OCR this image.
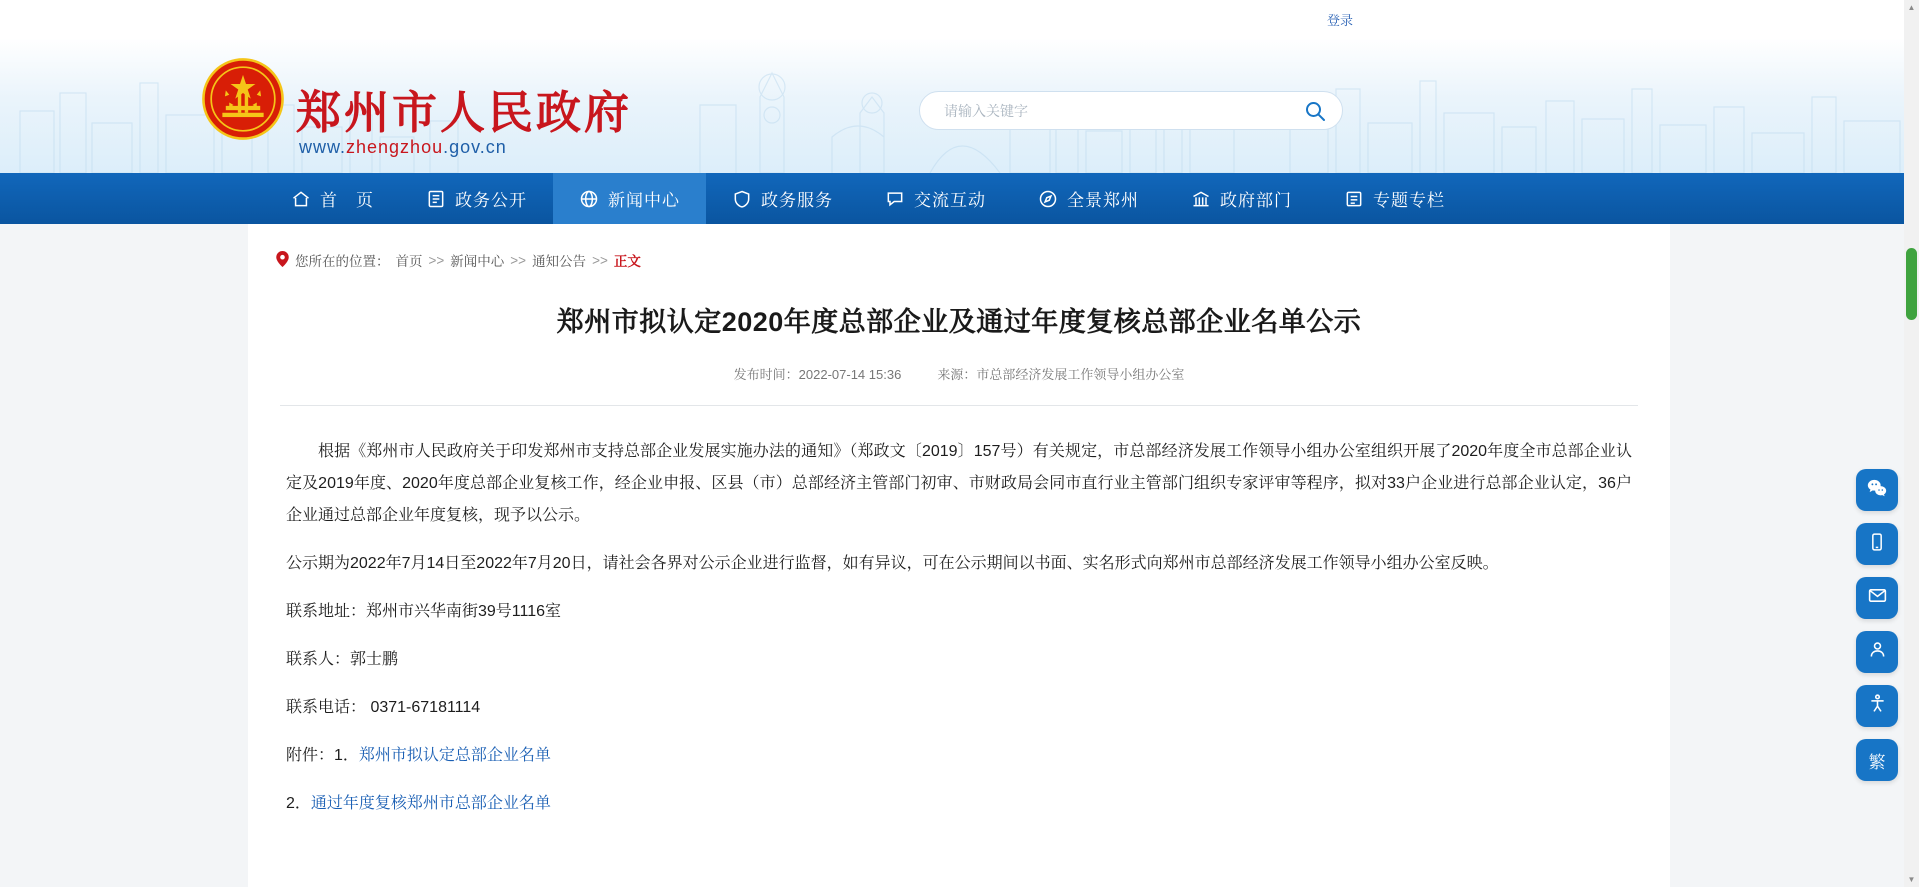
登录
郑州市人民政府
www.zhengzhou.gov.cn
请输入关键字
首　页	政务公开	新闻中心	政务服务	交流互动	全景郑州	政府部门	专题专栏
您所在的位置： 首页 >> 新闻中心 >> 通知公告 >> 正文
郑州市拟认定2020年度总部企业及通过年度复核总部企业名单公示
发布时间：2022-07-14 15:36	来源：市总部经济发展工作领导小组办公室

根据《郑州市人民政府关于印发郑州市支持总部企业发展实施办法的通知》（郑政文〔2019〕157号）有关规定，市总部经济发展工作领导小组办公室组织开展了2020年度全市总部企业认定及2019年度、2020年度总部企业复核工作，经企业申报、区县（市）总部经济主管部门初审、市财政局会同市直行业主管部门组织专家评审等程序，拟对33户企业进行总部企业认定，36户企业通过总部企业年度复核，现予以公示。

公示期为2022年7月14日至2022年7月20日，请社会各界对公示企业进行监督，如有异议，可在公示期间以书面、实名形式向郑州市总部经济发展工作领导小组办公室反映。

联系地址：郑州市兴华南街39号1116室

联系人：郭士鹏

联系电话： 0371-67181114

附件：1．郑州市拟认定总部企业名单

2．通过年度复核郑州市总部企业名单

繁
▲
▼
